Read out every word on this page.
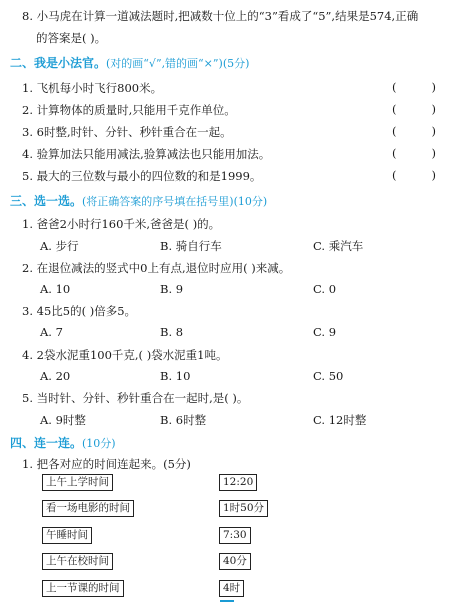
8. 小马虎在计算一道减法题时,把减数十位上的“3”看成了“5”,结果是574,正确
的答案是( )。
二、我是小法官。(对的画“√”,错的画“×”)(5分)
1. 飞机每小时飞行800米。	(	)
2. 计算物体的质量时,只能用千克作单位。	(	)
3. 6时整,时针、分针、秒针重合在一起。	(	)
4. 验算加法只能用减法,验算减法也只能用加法。	(	)
5. 最大的三位数与最小的四位数的和是1999。	(	)
三、选一选。(将正确答案的序号填在括号里)(10分)
1. 爸爸2小时行160千米,爸爸是( )的。
A. 步行	B. 骑自行车	C. 乘汽车
2. 在退位减法的竖式中0上有点,退位时应用( )来减。
A. 10	B. 9	C. 0
3. 45比5的( )倍多5。
A. 7	B. 8	C. 9
4. 2袋水泥重100千克,( )袋水泥重1吨。
A. 20	B. 10	C. 50
5. 当时针、分针、秒针重合在一起时,是( )。
A. 9时整	B. 6时整	C. 12时整
四、连一连。(10分)
1. 把各对应的时间连起来。(5分)
上午上学时间
看一场电影的时间
午睡时间
上午在校时间
上一节课的时间
12:20
1时50分
7:30
40分
4时
